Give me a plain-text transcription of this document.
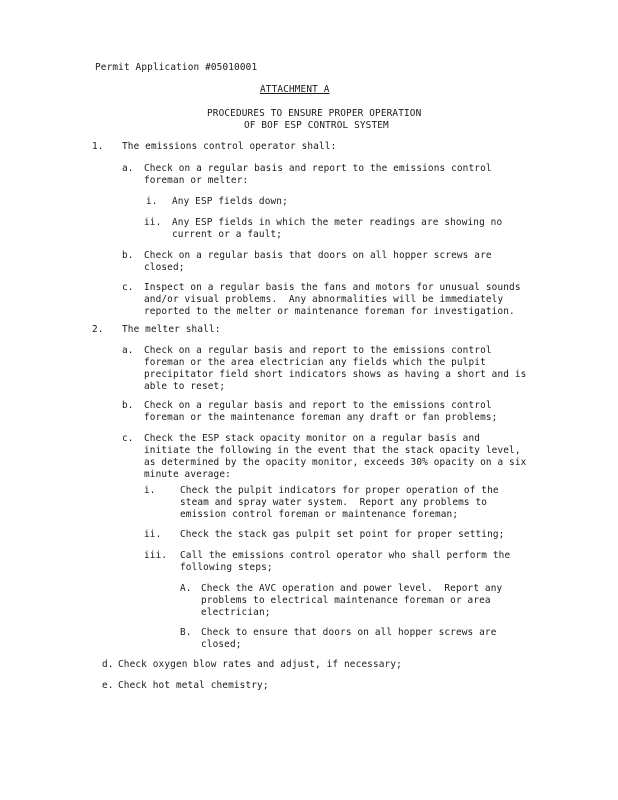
Permit Application #05010001
ATTACHMENT A
PROCEDURES TO ENSURE PROPER OPERATION
OF BOF ESP CONTROL SYSTEM
1. The emissions control operator shall:
a. Check on a regular basis and report to the emissions control
foreman or melter:
i. Any ESP fields down;
ii. Any ESP fields in which the meter readings are showing no
current or a fault;
b. Check on a regular basis that doors on all hopper screws are
closed;
c. Inspect on a regular basis the fans and motors for unusual sounds
and/or visual problems.  Any abnormalities will be immediately
reported to the melter or maintenance foreman for investigation.
2. The melter shall:
a. Check on a regular basis and report to the emissions control
foreman or the area electrician any fields which the pulpit
precipitator field short indicators shows as having a short and is
able to reset;
b. Check on a regular basis and report to the emissions control
foreman or the maintenance foreman any draft or fan problems;
c. Check the ESP stack opacity monitor on a regular basis and
initiate the following in the event that the stack opacity level,
as determined by the opacity monitor, exceeds 30% opacity on a six
minute average:
i.	Check the pulpit indicators for proper operation of the
steam and spray water system.  Report any problems to
emission control foreman or maintenance foreman;
ii. Check the stack gas pulpit set point for proper setting;
iii. Call the emissions control operator who shall perform the
following steps;
A. Check the AVC operation and power level.  Report any
problems to electrical maintenance foreman or area
electrician;
B. Check to ensure that doors on all hopper screws are
closed;
d. Check oxygen blow rates and adjust, if necessary;
e. Check hot metal chemistry;
